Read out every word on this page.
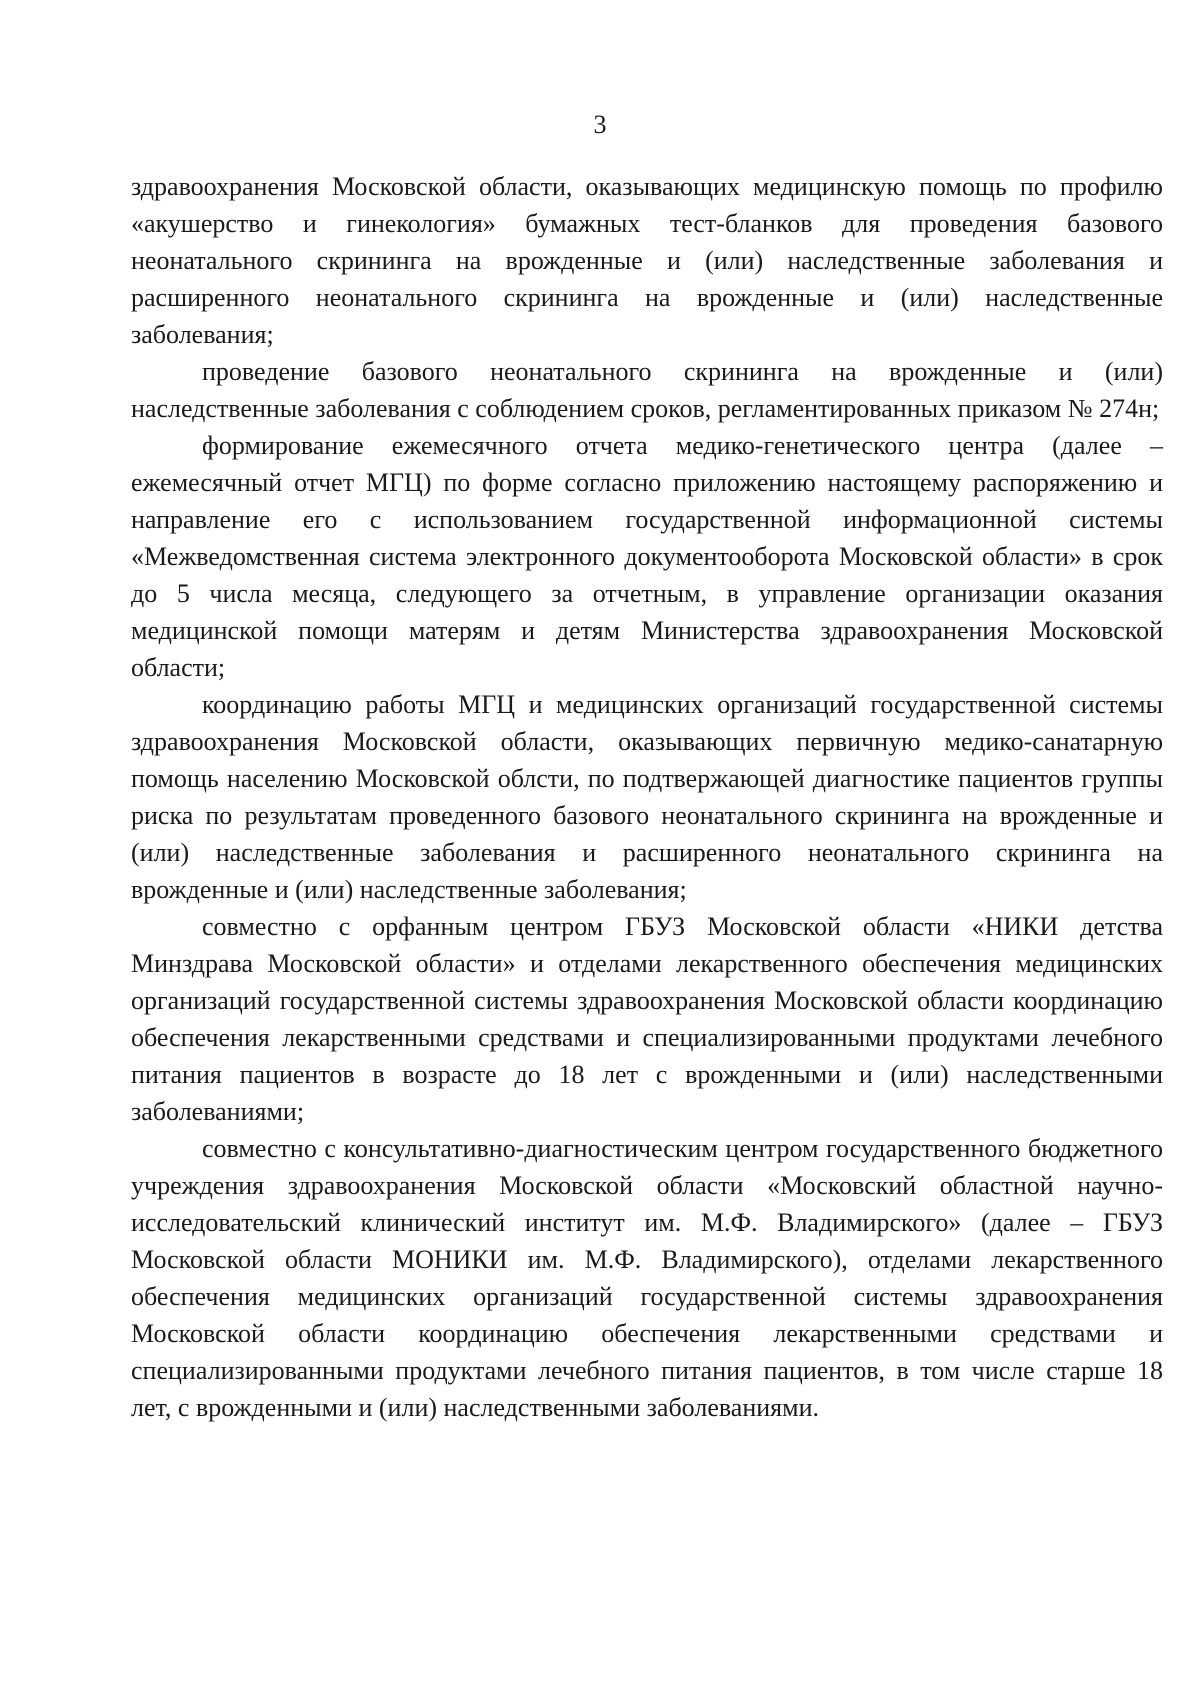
3

здравоохранения Московской области, оказывающих медицинскую помощь по профилю «акушерство и гинекология» бумажных тест-бланков для проведения базового неонатального скрининга на врожденные и (или) наследственные заболевания и расширенного неонатального скрининга на врожденные и (или) наследственные заболевания;

проведение базового неонатального скрининга на врожденные и (или) наследственные заболевания с соблюдением сроков, регламентированных приказом № 274н;

формирование ежемесячного отчета медико-генетического центра (далее – ежемесячный отчет МГЦ) по форме согласно приложению настоящему распоряжению и направление его с использованием государственной информационной системы «Межведомственная система электронного документооборота Московской области» в срок до 5 числа месяца, следующего за отчетным, в управление организации оказания медицинской помощи матерям и детям Министерства здравоохранения Московской области;

координацию работы МГЦ и медицинских организаций государственной системы здравоохранения Московской области, оказывающих первичную медико-санатарную помощь населению Московской облсти, по подтвержающей диагностике пациентов группы риска по результатам проведенного базового неонатального скрининга на врожденные и (или) наследственные заболевания и расширенного неонатального скрининга на врожденные и (или) наследственные заболевания;

совместно с орфанным центром ГБУЗ Московской области «НИКИ детства Минздрава Московской области» и отделами лекарственного обеспечения медицинских организаций государственной системы здравоохранения Московской области координацию обеспечения лекарственными средствами и специализированными продуктами лечебного питания пациентов в возрасте до 18 лет с врожденными и (или) наследственными заболеваниями;

совместно с консультативно-диагностическим центром государственного бюджетного учреждения здравоохранения Московской области «Московский областной научно-исследовательский клинический институт им. М.Ф. Владимирского» (далее – ГБУЗ Московской области МОНИКИ им. М.Ф. Владимирского), отделами лекарственного обеспечения медицинских организаций государственной системы здравоохранения Московской области координацию обеспечения лекарственными средствами и специализированными продуктами лечебного питания пациентов, в том числе старше 18 лет, с врожденными и (или) наследственными заболеваниями.
